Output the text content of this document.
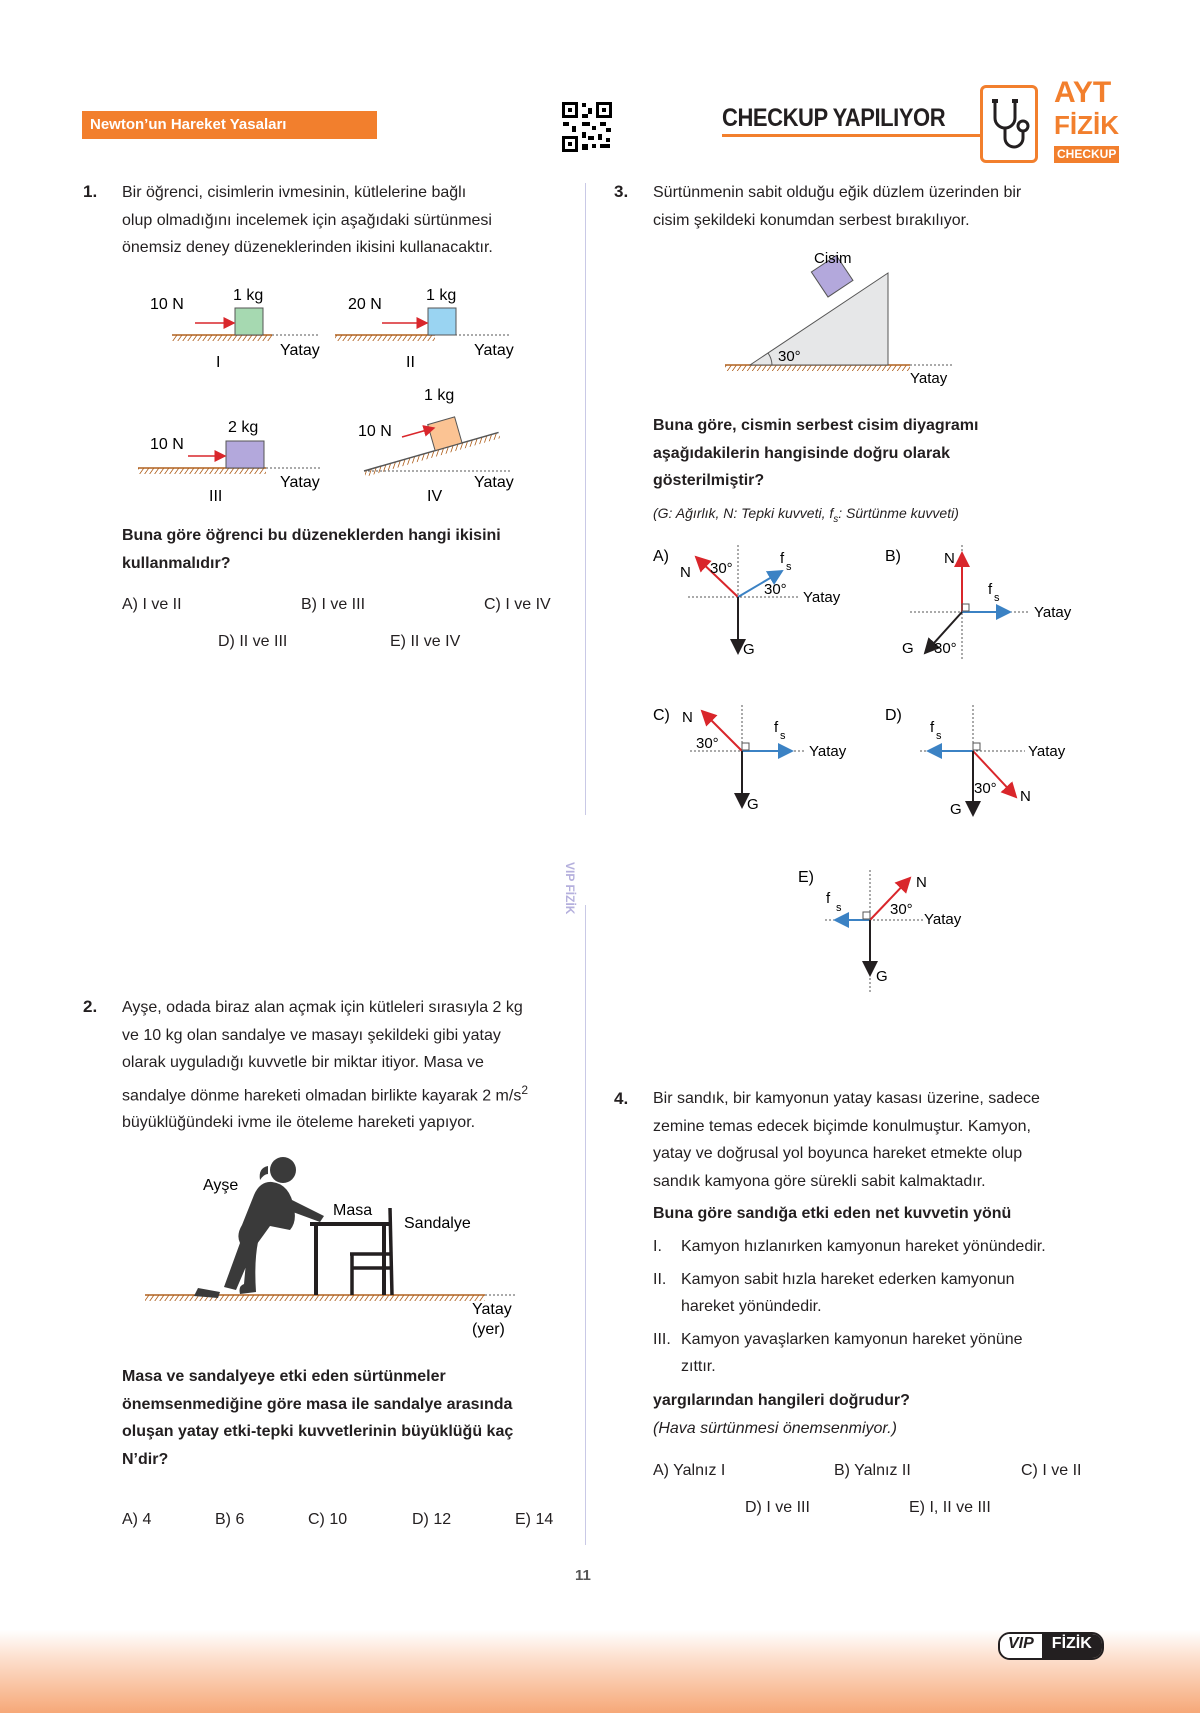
Newton’un Hareket Yasaları	CHECKUP YAPILIYOR
AYT
FİZİK
CHECKUP
VIP FİZİK
1. Bir öğrenci, cisimlerin ivmesinin, kütlelerine bağlı
olup olmadığını incelemek için aşağıdaki sürtünmesi
önemsiz deney düzeneklerinden ikisini kullanacaktır.
10 N
1 kg
Yatay
I
20 N
1 kg
Yatay
II
10 N
2 kg
Yatay
III
10 N
1 kg
Yatay
IV
Buna göre öğrenci bu düzeneklerden hangi ikisini
kullanmalıdır?
A) I ve II	B) I ve III	C) I ve IV
D) II ve III	E) II ve IV
2. Ayşe, odada biraz alan açmak için kütleleri sırasıyla 2 kg
ve 10 kg olan sandalye ve masayı şekildeki gibi yatay
olarak uyguladığı kuvvetle bir miktar itiyor. Masa ve
sandalye dönme hareketi olmadan birlikte kayarak 2 $m/s^2$
büyüklüğündeki ivme ile öteleme hareketi yapıyor.
Ayşe
Masa
Sandalye
Yatay
(yer)
Masa ve sandalyeye etki eden sürtünmeler
önemsenmediğine göre masa ile sandalye arasında
oluşan yatay etki-tepki kuvvetlerinin büyüklüğü kaç
N’dir?
A) 4	B) 6	C) 10	D) 12	E) 14
3. Sürtünmenin sabit olduğu eğik düzlem üzerinden bir
cisim şekildeki konumdan serbest bırakılıyor.
Cisim
30°
Yatay
Buna göre, cismin serbest cisim diyagramı
aşağıdakilerin hangisinde doğru olarak
gösterilmiştir?
(G: Ağırlık, N: Tepki kuvveti, $f_s$: Sürtünme kuvveti)
A)
N 30°
f s
30° Yatay
G
B)	N
f s
Yatay
G 30°
C) N
30°
f s
Yatay
G
D)
f s
Yatay
30° N
G
E)	N
f
s	30°
Yatay
G
4. Bir sandık, bir kamyonun yatay kasası üzerine, sadece
zemine temas edecek biçimde konulmuştur. Kamyon,
yatay ve doğrusal yol boyunca hareket etmekte olup
sandık kamyona göre sürekli sabit kalmaktadır.
Buna göre sandığa etki eden net kuvvetin yönü
I. Kamyon hızlanırken kamyonun hareket yönündedir.
II. Kamyon sabit hızla hareket ederken kamyonun
hareket yönündedir.
III. Kamyon yavaşlarken kamyonun hareket yönüne
zıttır.
yargılarından hangileri doğrudur?
(Hava sürtünmesi önemsenmiyor.)
A) Yalnız I	B) Yalnız II	C) I ve II
D) I ve III	E) I, II ve III
11
VIP	FİZİK
